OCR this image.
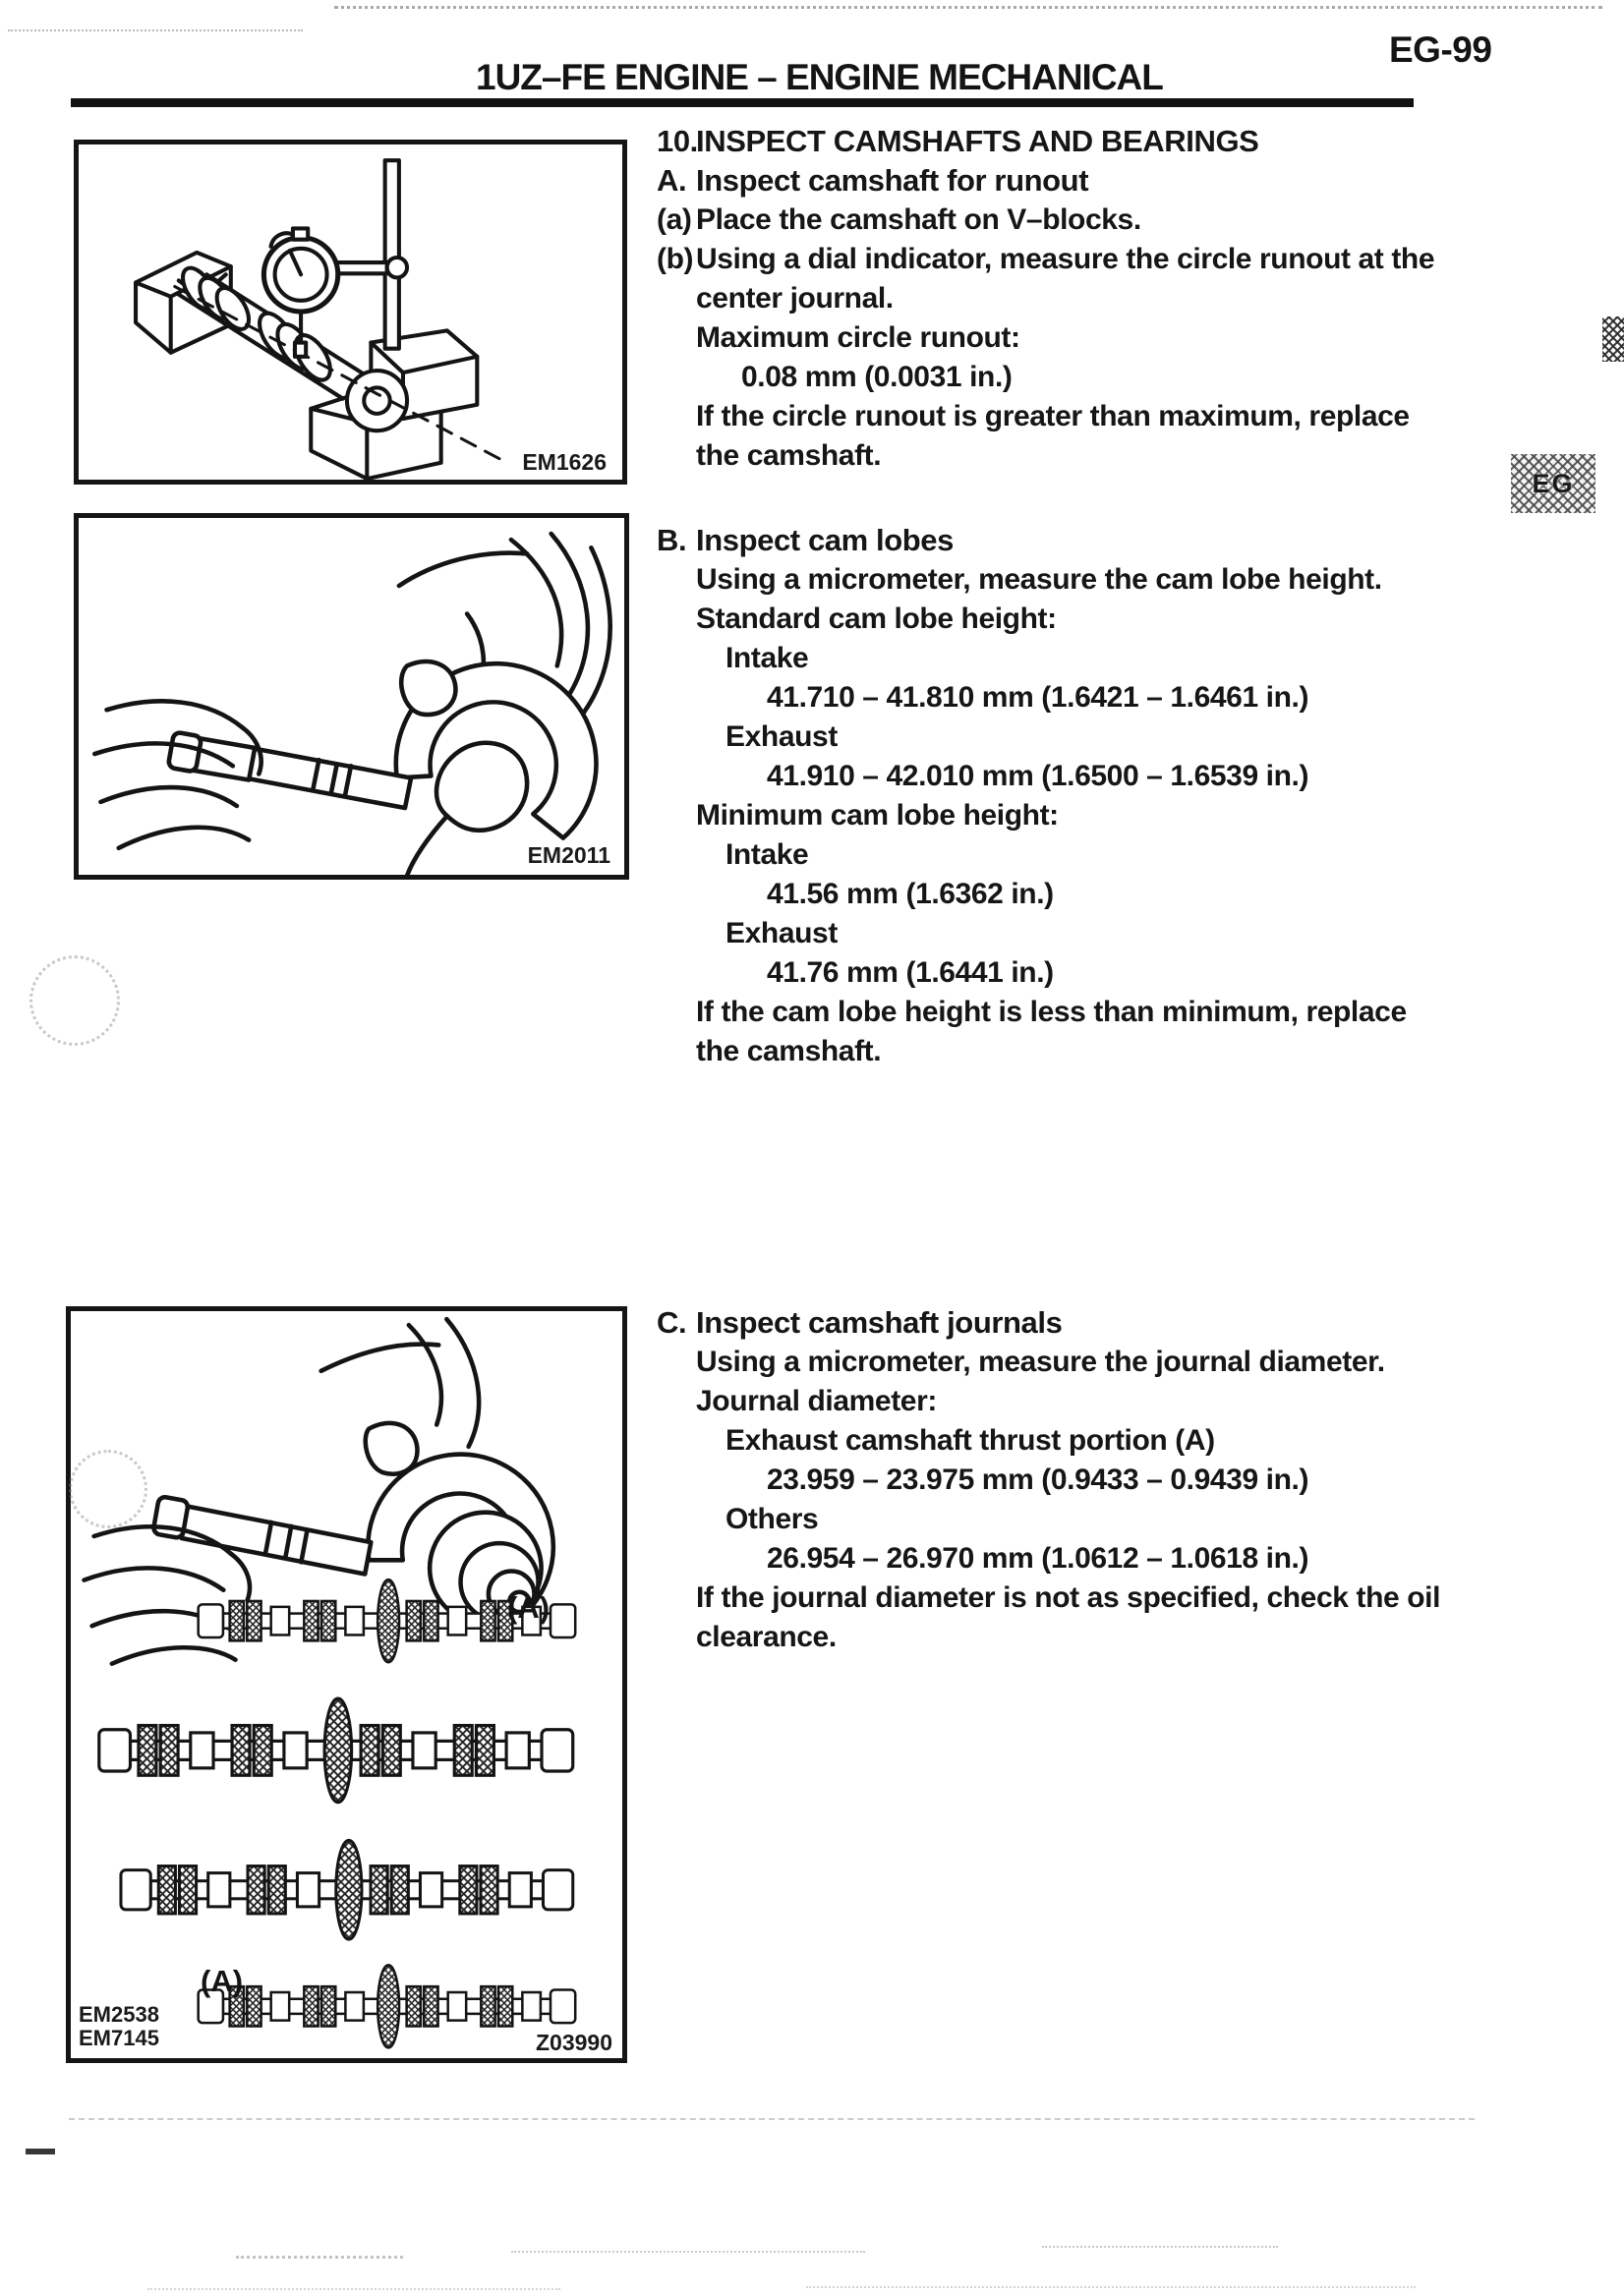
1UZ–FE ENGINE – ENGINE MECHANICAL
EG-99
EG
EM1626
EM2011
(A)
(A)
EM2538
EM7145	Z03990
10.
INSPECT CAMSHAFTS AND BEARINGS
A. Inspect camshaft for runout
(a) Place the camshaft on V–blocks.
(b) Using a dial indicator, measure the circle runout at the
center journal.
Maximum circle runout:
0.08 mm (0.0031 in.)
If the circle runout is greater than maximum, replace
the camshaft.
B. Inspect cam lobes
Using a micrometer, measure the cam lobe height.
Standard cam lobe height:
Intake
41.710 – 41.810 mm (1.6421 – 1.6461 in.)
Exhaust
41.910 – 42.010 mm (1.6500 – 1.6539 in.)
Minimum cam lobe height:
Intake
41.56 mm (1.6362 in.)
Exhaust
41.76 mm (1.6441 in.)
If the cam lobe height is less than minimum, replace
the camshaft.
C. Inspect camshaft journals
Using a micrometer, measure the journal diameter.
Journal diameter:
Exhaust camshaft thrust portion (A)
23.959 – 23.975 mm (0.9433 – 0.9439 in.)
Others
26.954 – 26.970 mm (1.0612 – 1.0618 in.)
If the journal diameter is not as specified, check the oil
clearance.
